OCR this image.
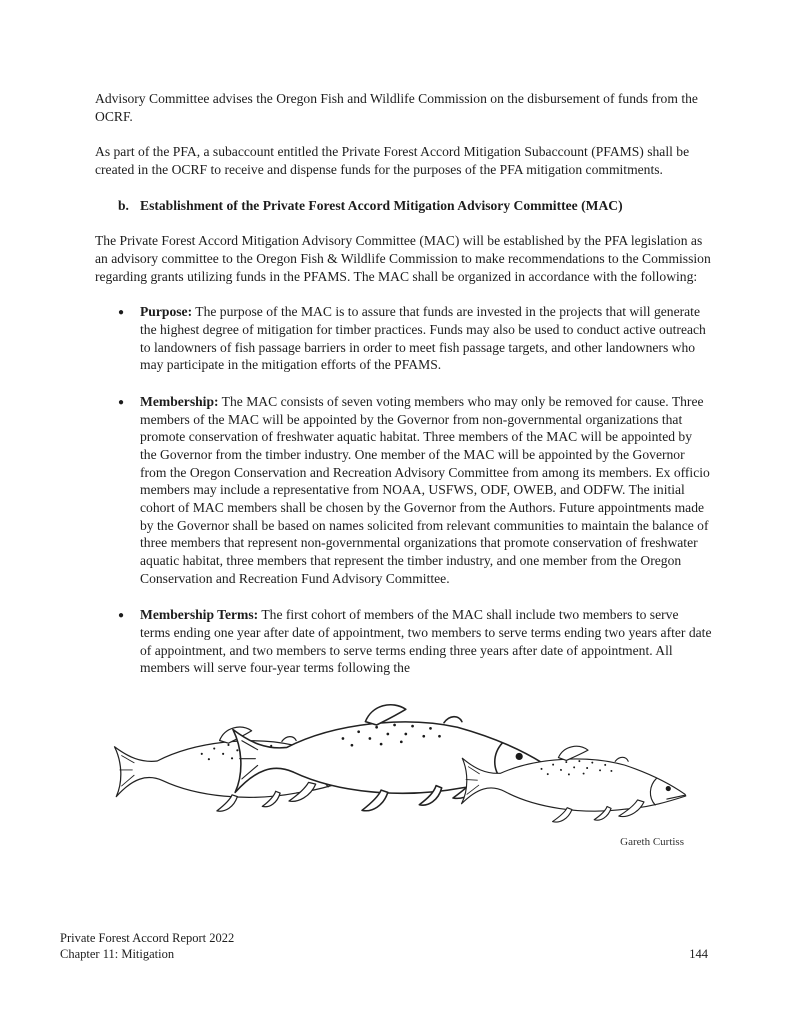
Advisory Committee advises the Oregon Fish and Wildlife Commission on the disbursement of funds from the OCRF.

As part of the PFA, a subaccount entitled the Private Forest Accord Mitigation Subaccount (PFAMS) shall be created in the OCRF to receive and dispense funds for the purposes of the PFA mitigation commitments.

b. Establishment of the Private Forest Accord Mitigation Advisory Committee (MAC)

The Private Forest Accord Mitigation Advisory Committee (MAC) will be established by the PFA legislation as an advisory committee to the Oregon Fish & Wildlife Commission to make recommendations to the Commission regarding grants utilizing funds in the PFAMS. The MAC shall be organized in accordance with the following:

●	Purpose: The purpose of the MAC is to assure that funds are invested in the projects that will generate the highest degree of mitigation for timber practices. Funds may also be used to conduct active outreach to landowners of fish passage barriers in order to meet fish passage targets, and other landowners who may participate in the mitigation efforts of the PFAMS.
●	Membership: The MAC consists of seven voting members who may only be removed for cause. Three members of the MAC will be appointed by the Governor from non-governmental organizations that promote conservation of freshwater aquatic habitat. Three members of the MAC will be appointed by the Governor from the timber industry. One member of the MAC will be appointed by the Governor from the Oregon Conservation and Recreation Advisory Committee from among its members. Ex officio members may include a representative from NOAA, USFWS, ODF, OWEB, and ODFW. The initial cohort of MAC members shall be chosen by the Governor from the Authors. Future appointments made by the Governor shall be based on names solicited from relevant communities to maintain the balance of three members that represent non-governmental organizations that promote conservation of freshwater aquatic habitat, three members that represent the timber industry, and one member from the Oregon Conservation and Recreation Fund Advisory Committee.
●	Membership Terms: The first cohort of members of the MAC shall include two members to serve terms ending one year after date of appointment, two members to serve terms ending two years after date of appointment, and two members to serve terms ending three years after date of appointment. All members will serve four-year terms following the
Gareth Curtiss
Private Forest Accord Report 2022
Chapter 11: Mitigation	144
